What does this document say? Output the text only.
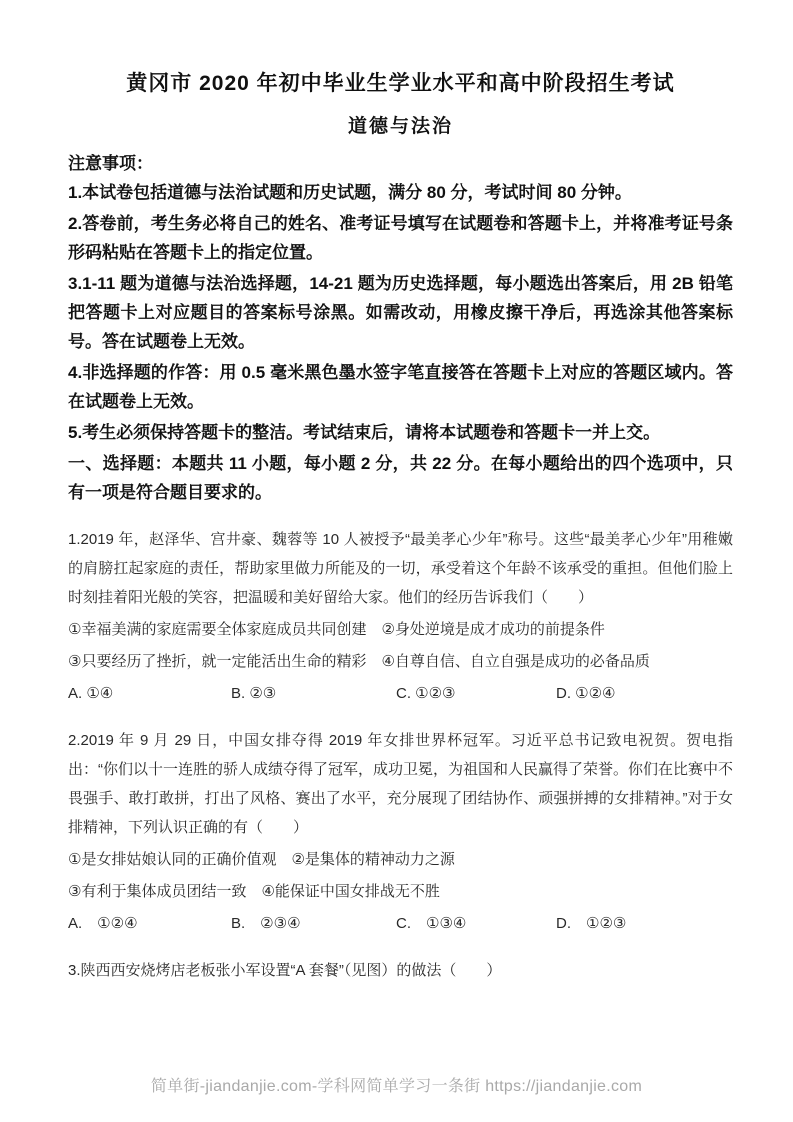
黄冈市 2020 年初中毕业生学业水平和高中阶段招生考试
道德与法治
注意事项：

1.本试卷包括道德与法治试题和历史试题，满分 80 分，考试时间 80 分钟。

2.答卷前，考生务必将自己的姓名、准考证号填写在试题卷和答题卡上，并将准考证号条形码粘贴在答题卡上的指定位置。

3.1-11 题为道德与法治选择题，14-21 题为历史选择题，每小题选出答案后，用 2B 铅笔把答题卡上对应题目的答案标号涂黑。如需改动，用橡皮擦干净后，再选涂其他答案标号。答在试题卷上无效。

4.非选择题的作答：用 0.5 毫米黑色墨水签字笔直接答在答题卡上对应的答题区域内。答在试题卷上无效。

5.考生必须保持答题卡的整洁。考试结束后，请将本试题卷和答题卡一并上交。

一、选择题：本题共 11 小题，每小题 2 分，共 22 分。在每小题给出的四个选项中，只有一项是符合题目要求的。

1.2019 年，赵泽华、宫井豪、魏蓉等 10 人被授予“最美孝心少年”称号。这些“最美孝心少年”用稚嫩的肩膀扛起家庭的责任，帮助家里做力所能及的一切，承受着这个年龄不该承受的重担。但他们脸上时刻挂着阳光般的笑容，把温暖和美好留给大家。他们的经历告诉我们（　　）

①幸福美满的家庭需要全体家庭成员共同创建　②身处逆境是成才成功的前提条件

③只要经历了挫折，就一定能活出生命的精彩　④自尊自信、自立自强是成功的必备品质

A. ①④	B. ②③	C. ①②③	D. ①②④

2.2019 年 9 月 29 日，中国女排夺得 2019 年女排世界杯冠军。习近平总书记致电祝贺。贺电指出：“你们以十一连胜的骄人成绩夺得了冠军，成功卫冕，为祖国和人民赢得了荣誉。你们在比赛中不畏强手、敢打敢拼，打出了风格、赛出了水平，充分展现了团结协作、顽强拼搏的女排精神。”对于女排精神，下列认识正确的有（　　）

①是女排姑娘认同的正确价值观　②是集体的精神动力之源

③有利于集体成员团结一致　④能保证中国女排战无不胜

A.　①②④	B.　②③④	C.　①③④	D.　①②③

3.陕西西安烧烤店老板张小军设置“A 套餐”（见图）的做法（　　）

简单街-jiandanjie.com-学科网简单学习一条街 https://jiandanjie.com
